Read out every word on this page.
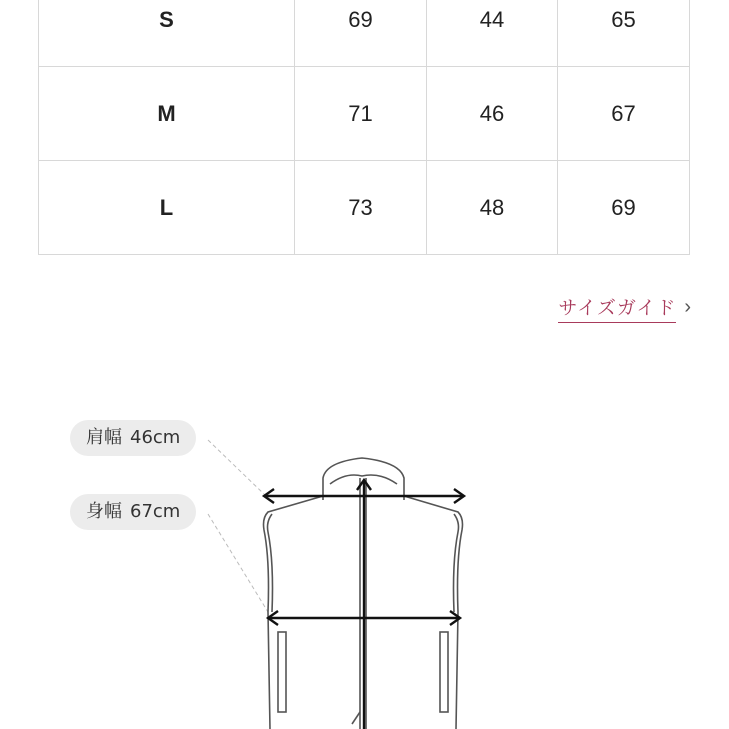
S	69	44	65
M	71	46	67
L	73	48	69
サイズガイド ›
肩幅 46cm
身幅 67cm
